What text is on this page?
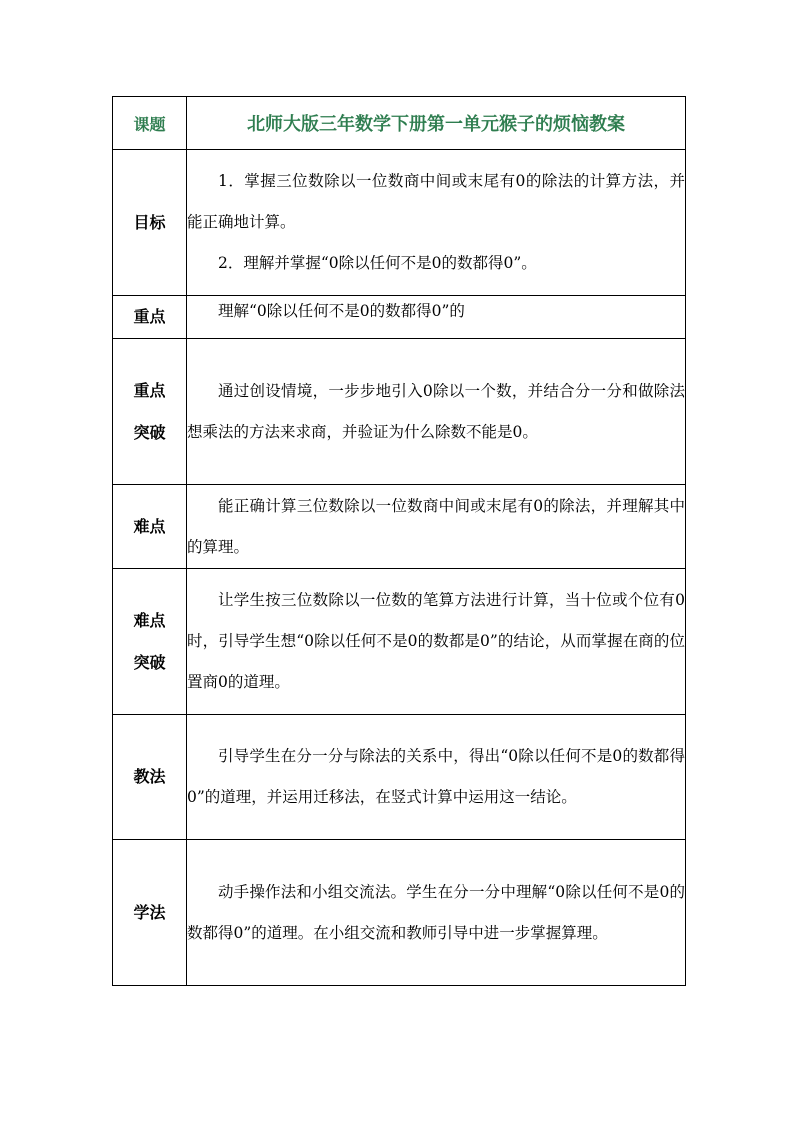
课题	北师大版三年数学下册第一单元猴子的烦恼教案

目标	1．掌握三位数除以一位数商中间或末尾有0的除法的计算方法，并能正确地计算。

2．理解并掌握“0除以任何不是0的数都得0”。

重点	理解“0除以任何不是0的数都得0”的

重点
突破	通过创设情境，一步步地引入0除以一个数，并结合分一分和做除法想乘法的方法来求商，并验证为什么除数不能是0。

难点	能正确计算三位数除以一位数商中间或末尾有0的除法，并理解其中的算理。

难点
突破	让学生按三位数除以一位数的笔算方法进行计算，当十位或个位有0时，引导学生想“0除以任何不是0的数都是0”的结论，从而掌握在商的位置商0的道理。

教法	引导学生在分一分与除法的关系中，得出“0除以任何不是0的数都得0”的道理，并运用迁移法，在竖式计算中运用这一结论。

学法	动手操作法和小组交流法。学生在分一分中理解“0除以任何不是0的数都得0”的道理。在小组交流和教师引导中进一步掌握算理。
